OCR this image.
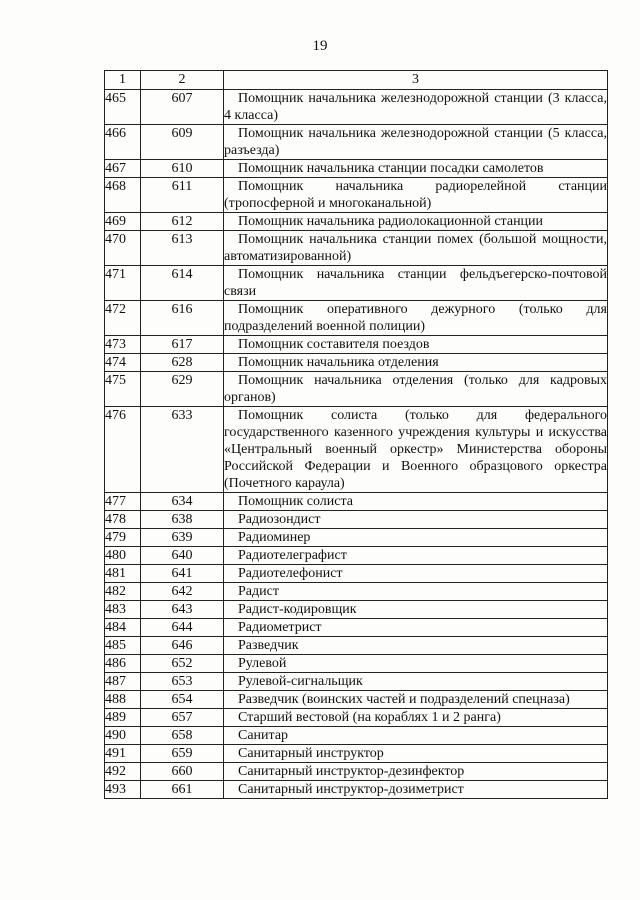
19
1	2	3
465	607	Помощник начальника железнодорожной станции (3 класса, 4 класса)

466	609	Помощник начальника железнодорожной станции (5 класса, разъезда)

467	610	Помощник начальника станции посадки самолетов

468	611	Помощник начальника радиорелейной станции (тропосферной и многоканальной)

469	612	Помощник начальника радиолокационной станции

470	613	Помощник начальника станции помех (большой мощности, автоматизированной)

471	614	Помощник начальника станции фельдъегерско-почтовой связи

472	616	Помощник оперативного дежурного (только для подразделений военной полиции)

473	617	Помощник составителя поездов

474	628	Помощник начальника отделения

475	629	Помощник начальника отделения (только для кадровых органов)

476	633	Помощник солиста (только для федерального государственного казенного учреждения культуры и искусства «Центральный военный оркестр» Министерства обороны Российской Федерации и Военного образцового оркестра (Почетного караула)

477	634	Помощник солиста

478	638	Радиозондист

479	639	Радиоминер

480	640	Радиотелеграфист

481	641	Радиотелефонист

482	642	Радист

483	643	Радист-кодировщик

484	644	Радиометрист

485	646	Разведчик

486	652	Рулевой

487	653	Рулевой-сигнальщик

488	654	Разведчик (воинских частей и подразделений спецназа)

489	657	Старший вестовой (на кораблях 1 и 2 ранга)

490	658	Санитар

491	659	Санитарный инструктор

492	660	Санитарный инструктор-дезинфектор

493	661	Санитарный инструктор-дозиметрист
